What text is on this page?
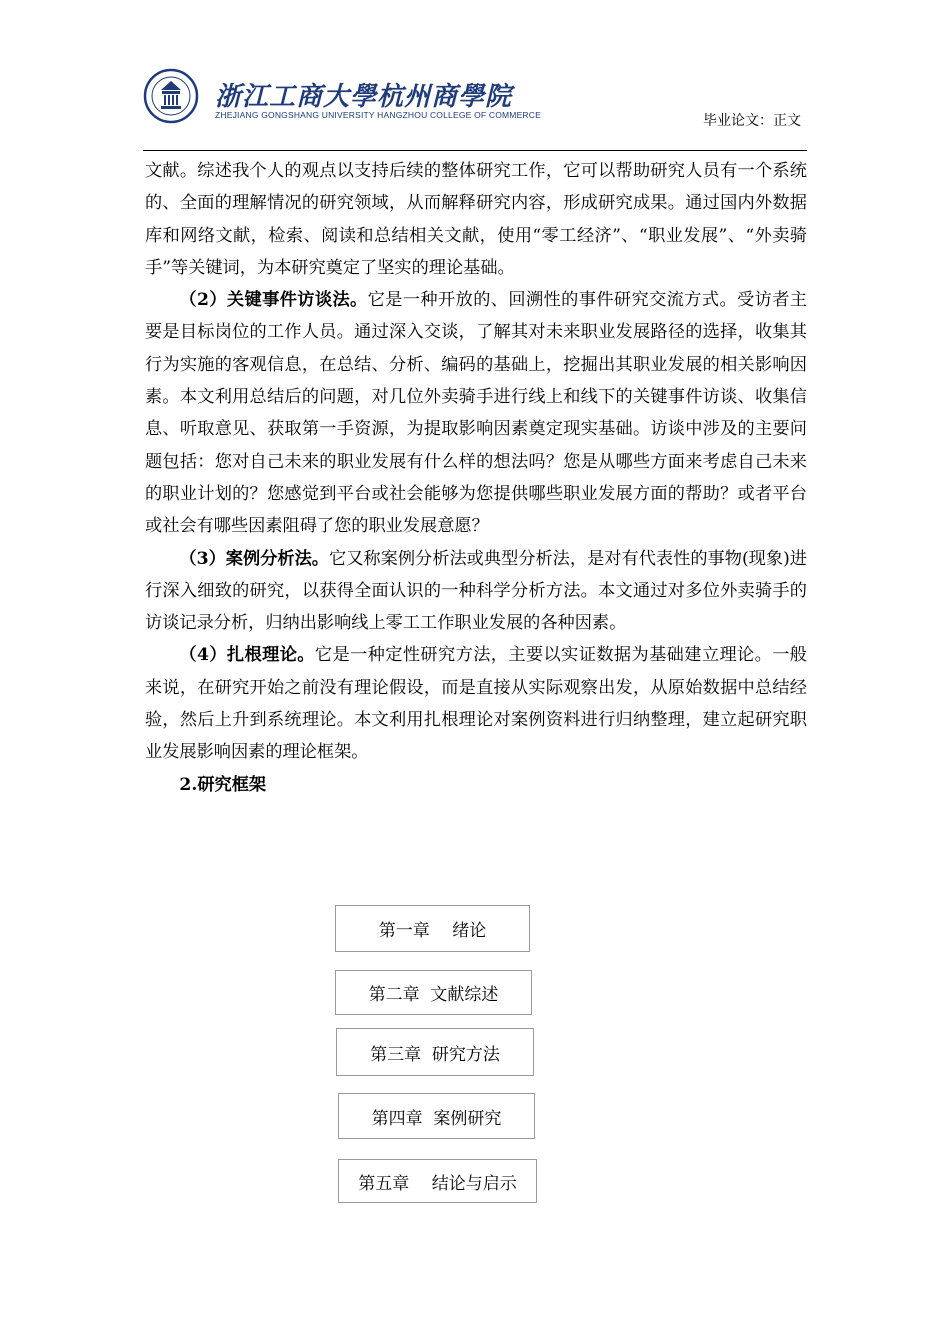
浙江工商大學杭州商學院
ZHEJIANG GONGSHANG UNIVERSITY HANGZHOU COLLEGE OF COMMERCE	毕业论文：正文

文献。综述我个人的观点以支持后续的整体研究工作，它可以帮助研究人员有一个系统的、全面的理解情况的研究领域，从而解释研究内容，形成研究成果。通过国内外数据库和网络文献，检索、阅读和总结相关文献，使用“零工经济”、“职业发展”、“外卖骑手”等关键词，为本研究奠定了坚实的理论基础。

（2）关键事件访谈法。它是一种开放的、回溯性的事件研究交流方式。受访者主要是目标岗位的工作人员。通过深入交谈，了解其对未来职业发展路径的选择，收集其行为实施的客观信息，在总结、分析、编码的基础上，挖掘出其职业发展的相关影响因素。本文利用总结后的问题，对几位外卖骑手进行线上和线下的关键事件访谈、收集信息、听取意见、获取第一手资源，为提取影响因素奠定现实基础。访谈中涉及的主要问题包括：您对自己未来的职业发展有什么样的想法吗？您是从哪些方面来考虑自己未来的职业计划的？您感觉到平台或社会能够为您提供哪些职业发展方面的帮助？或者平台或社会有哪些因素阻碍了您的职业发展意愿？

（3）案例分析法。它又称案例分析法或典型分析法，是对有代表性的事物(现象)进行深入细致的研究，以获得全面认识的一种科学分析方法。本文通过对多位外卖骑手的访谈记录分析，归纳出影响线上零工工作职业发展的各种因素。

（4）扎根理论。它是一种定性研究方法，主要以实证数据为基础建立理论。一般来说，在研究开始之前没有理论假设，而是直接从实际观察出发，从原始数据中总结经验，然后上升到系统理论。本文利用扎根理论对案例资料进行归纳整理，建立起研究职业发展影响因素的理论框架。

2.研究框架

第一章　 绪论
第二章  文献综述
第三章  研究方法
第四章  案例研究
第五章　 结论与启示
